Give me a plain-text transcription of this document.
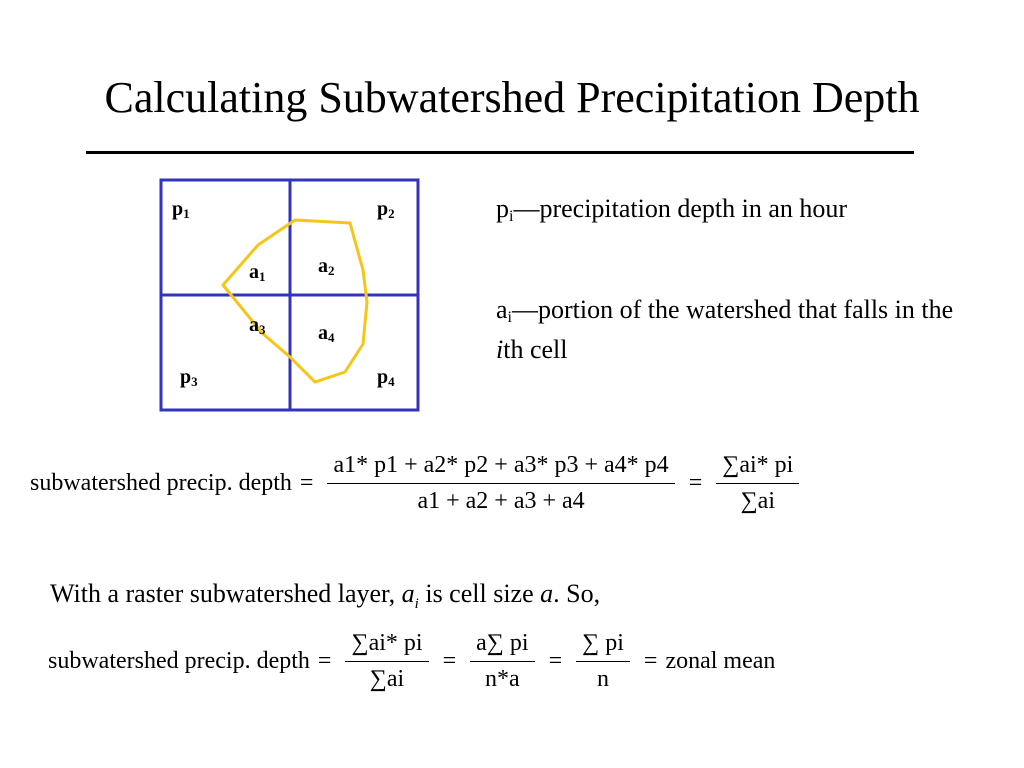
Calculating Subwatershed Precipitation Depth
$p_1$	$p_2$
$p_3$	$p_4$
$a_1$	$a_2$
$a_3$	$a_4$
$p_i—precipitation$ depth in an hour
$a_i—portion$ of the watershed that falls in the ith cell
subwatershed precip. depth = $\frac{a1* p1 + a2* p2 + a3* p3 + a4* p4}{a1 + a2 + a3 + a4} = \frac{\sum ai* pi}{\sum ai}$
With a raster subwatershed layer, $a_i$ is cell size a. So,
subwatershed precip. depth = $\frac{\sum ai* pi}{\sum ai} = \frac{a\sum pi}{n*a} = \frac{\sum pi}{n}$ = zonal mean
